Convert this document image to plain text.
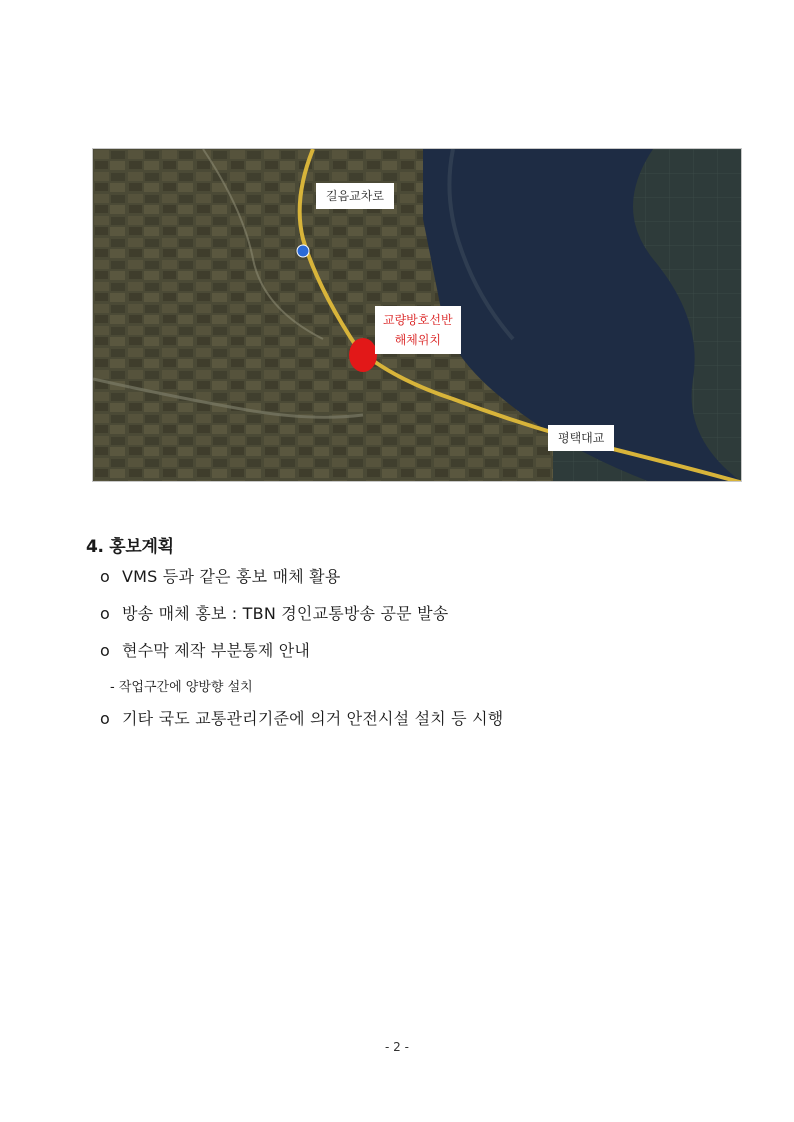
길음교차로
교량방호선반
해체위치
평택대교
4. 홍보계획
o VMS 등과 같은 홍보 매체 활용
o 방송 매체 홍보 : TBN 경인교통방송 공문 발송
o 현수막 제작 부분통제 안내
- 작업구간에 양방향 설치
o 기타 국도 교통관리기준에 의거 안전시설 설치 등 시행
- 2 -
